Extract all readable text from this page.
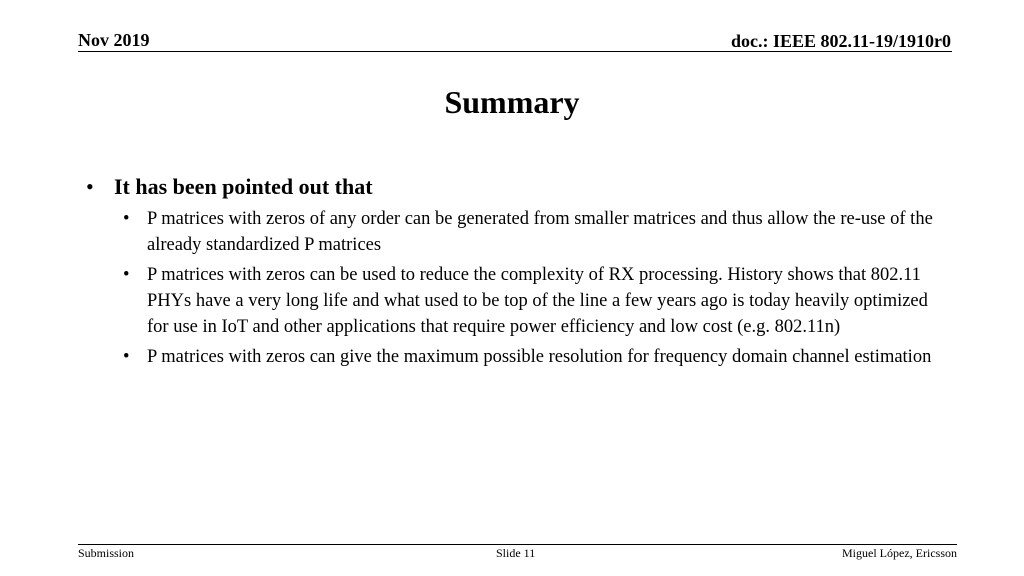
Nov 2019	doc.: IEEE 802.11-19/1910r0
Summary
• It has been pointed out that
• P matrices with zeros of any order can be generated from smaller matrices and thus allow the re-use of the already standardized P matrices
• P matrices with zeros can be used to reduce the complexity of RX processing. History shows that 802.11 PHYs have a very long life and what used to be top of the line a few years ago is today heavily optimized for use in IoT and other applications that require power efficiency and low cost (e.g. 802.11n)
• P matrices with zeros can give the maximum possible resolution for frequency domain channel estimation
Submission	Slide 11	Miguel López, Ericsson
